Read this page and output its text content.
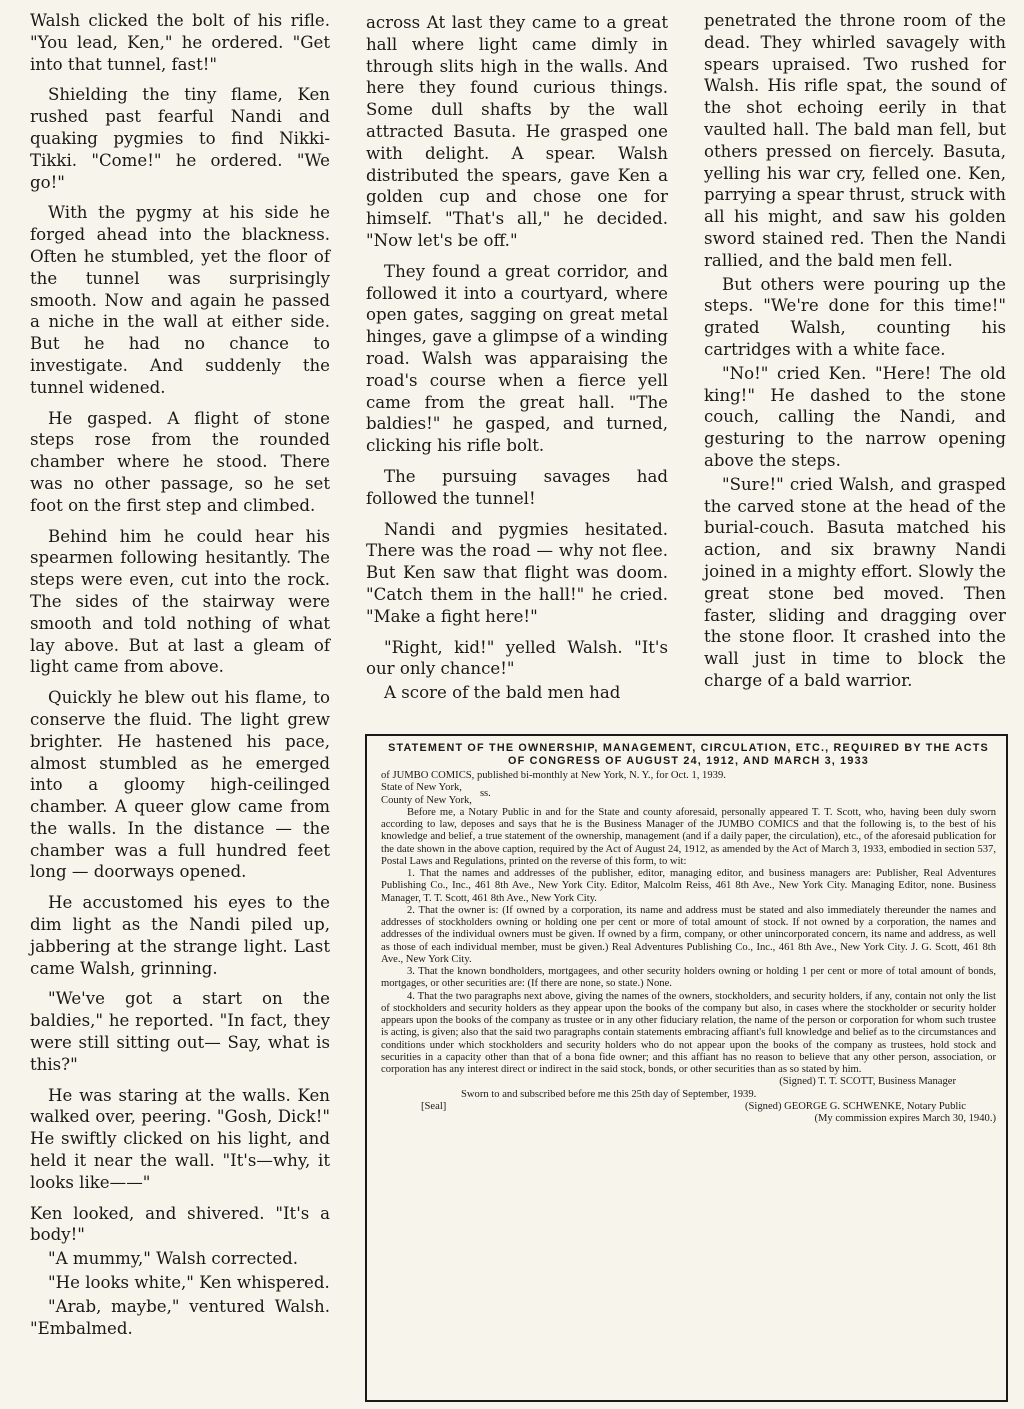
Walsh clicked the bolt of his rifle. "You lead, Ken," he ordered. "Get into that tunnel, fast!"

Shielding the tiny flame, Ken rushed past fearful Nandi and quaking pygmies to find Nikki-Tikki. "Come!" he ordered. "We go!"

With the pygmy at his side he forged ahead into the blackness. Often he stumbled, yet the floor of the tunnel was surprisingly smooth. Now and again he passed a niche in the wall at either side. But he had no chance to investigate. And suddenly the tunnel widened.

He gasped. A flight of stone steps rose from the rounded chamber where he stood. There was no other passage, so he set foot on the first step and climbed.

Behind him he could hear his spearmen following hesitantly. The steps were even, cut into the rock. The sides of the stairway were smooth and told nothing of what lay above. But at last a gleam of light came from above.

Quickly he blew out his flame, to conserve the fluid. The light grew brighter. He hastened his pace, almost stumbled as he emerged into a gloomy high-ceilinged chamber. A queer glow came from the walls. In the distance — the chamber was a full hundred feet long — doorways opened.

He accustomed his eyes to the dim light as the Nandi piled up, jabbering at the strange light. Last came Walsh, grinning.

"We've got a start on the baldies," he reported. "In fact, they were still sitting out— Say, what is this?"

He was staring at the walls. Ken walked over, peering. "Gosh, Dick!" He swiftly clicked on his light, and held it near the wall. "It's—why, it looks like——"

Ken looked, and shivered. "It's a body!"

"A mummy," Walsh corrected.

"He looks white," Ken whispered.

"Arab, maybe," ventured Walsh. "Embalmed.

across At last they came to a great hall where light came dimly in through slits high in the walls. And here they found curious things. Some dull shafts by the wall attracted Basuta. He grasped one with delight. A spear. Walsh distributed the spears, gave Ken a golden cup and chose one for himself. "That's all," he decided. "Now let's be off."

They found a great corridor, and followed it into a courtyard, where open gates, sagging on great metal hinges, gave a glimpse of a winding road. Walsh was apparaising the road's course when a fierce yell came from the great hall. "The baldies!" he gasped, and turned, clicking his rifle bolt.

The pursuing savages had followed the tunnel!

Nandi and pygmies hesitated. There was the road — why not flee. But Ken saw that flight was doom. "Catch them in the hall!" he cried. "Make a fight here!"

"Right, kid!" yelled Walsh. "It's our only chance!"

A score of the bald men had

penetrated the throne room of the dead. They whirled savagely with spears upraised. Two rushed for Walsh. His rifle spat, the sound of the shot echoing eerily in that vaulted hall. The bald man fell, but others pressed on fiercely. Basuta, yelling his war cry, felled one. Ken, parrying a spear thrust, struck with all his might, and saw his golden sword stained red. Then the Nandi rallied, and the bald men fell.

But others were pouring up the steps. "We're done for this time!" grated Walsh, counting his cartridges with a white face.

"No!" cried Ken. "Here! The old king!" He dashed to the stone couch, calling the Nandi, and gesturing to the narrow opening above the steps.

"Sure!" cried Walsh, and grasped the carved stone at the head of the burial-couch. Basuta matched his action, and six brawny Nandi joined in a mighty effort. Slowly the great stone bed moved. Then faster, sliding and dragging over the stone floor. It crashed into the wall just in time to block the charge of a bald warrior.

STATEMENT OF THE OWNERSHIP, MANAGEMENT, CIRCULATION, ETC., REQUIRED BY THE ACTS OF CONGRESS OF AUGUST 24, 1912, AND MARCH 3, 1933

of JUMBO COMICS, published bi-monthly at New York, N. Y., for Oct. 1, 1939.

State of New York,
County of New York,
ss.

Before me, a Notary Public in and for the State and county aforesaid, personally appeared T. T. Scott, who, having been duly sworn according to law, deposes and says that he is the Business Manager of the JUMBO COMICS and that the following is, to the best of his knowledge and belief, a true statement of the ownership, management (and if a daily paper, the circulation), etc., of the aforesaid publication for the date shown in the above caption, required by the Act of August 24, 1912, as amended by the Act of March 3, 1933, embodied in section 537, Postal Laws and Regulations, printed on the reverse of this form, to wit:

1. That the names and addresses of the publisher, editor, managing editor, and business managers are: Publisher, Real Adventures Publishing Co., Inc., 461 8th Ave., New York City. Editor, Malcolm Reiss, 461 8th Ave., New York City. Managing Editor, none. Business Manager, T. T. Scott, 461 8th Ave., New York City.

2. That the owner is: (If owned by a corporation, its name and address must be stated and also immediately thereunder the names and addresses of stockholders owning or holding one per cent or more of total amount of stock. If not owned by a corporation, the names and addresses of the individual owners must be given. If owned by a firm, company, or other unincorporated concern, its name and address, as well as those of each individual member, must be given.) Real Adventures Publishing Co., Inc., 461 8th Ave., New York City. J. G. Scott, 461 8th Ave., New York City.

3. That the known bondholders, mortgagees, and other security holders owning or holding 1 per cent or more of total amount of bonds, mortgages, or other securities are: (If there are none, so state.) None.

4. That the two paragraphs next above, giving the names of the owners, stockholders, and security holders, if any, contain not only the list of stockholders and security holders as they appear upon the books of the company but also, in cases where the stockholder or security holder appears upon the books of the company as trustee or in any other fiduciary relation, the name of the person or corporation for whom such trustee is acting, is given; also that the said two paragraphs contain statements embracing affiant's full knowledge and belief as to the circumstances and conditions under which stockholders and security holders who do not appear upon the books of the company as trustees, hold stock and securities in a capacity other than that of a bona fide owner; and this affiant has no reason to believe that any other person, association, or corporation has any interest direct or indirect in the said stock, bonds, or other securities than as so stated by him.

(Signed) T. T. SCOTT, Business Manager

Sworn to and subscribed before me this 25th day of September, 1939.

[Seal]	(Signed) GEORGE G. SCHWENKE, Notary Public

(My commission expires March 30, 1940.)
